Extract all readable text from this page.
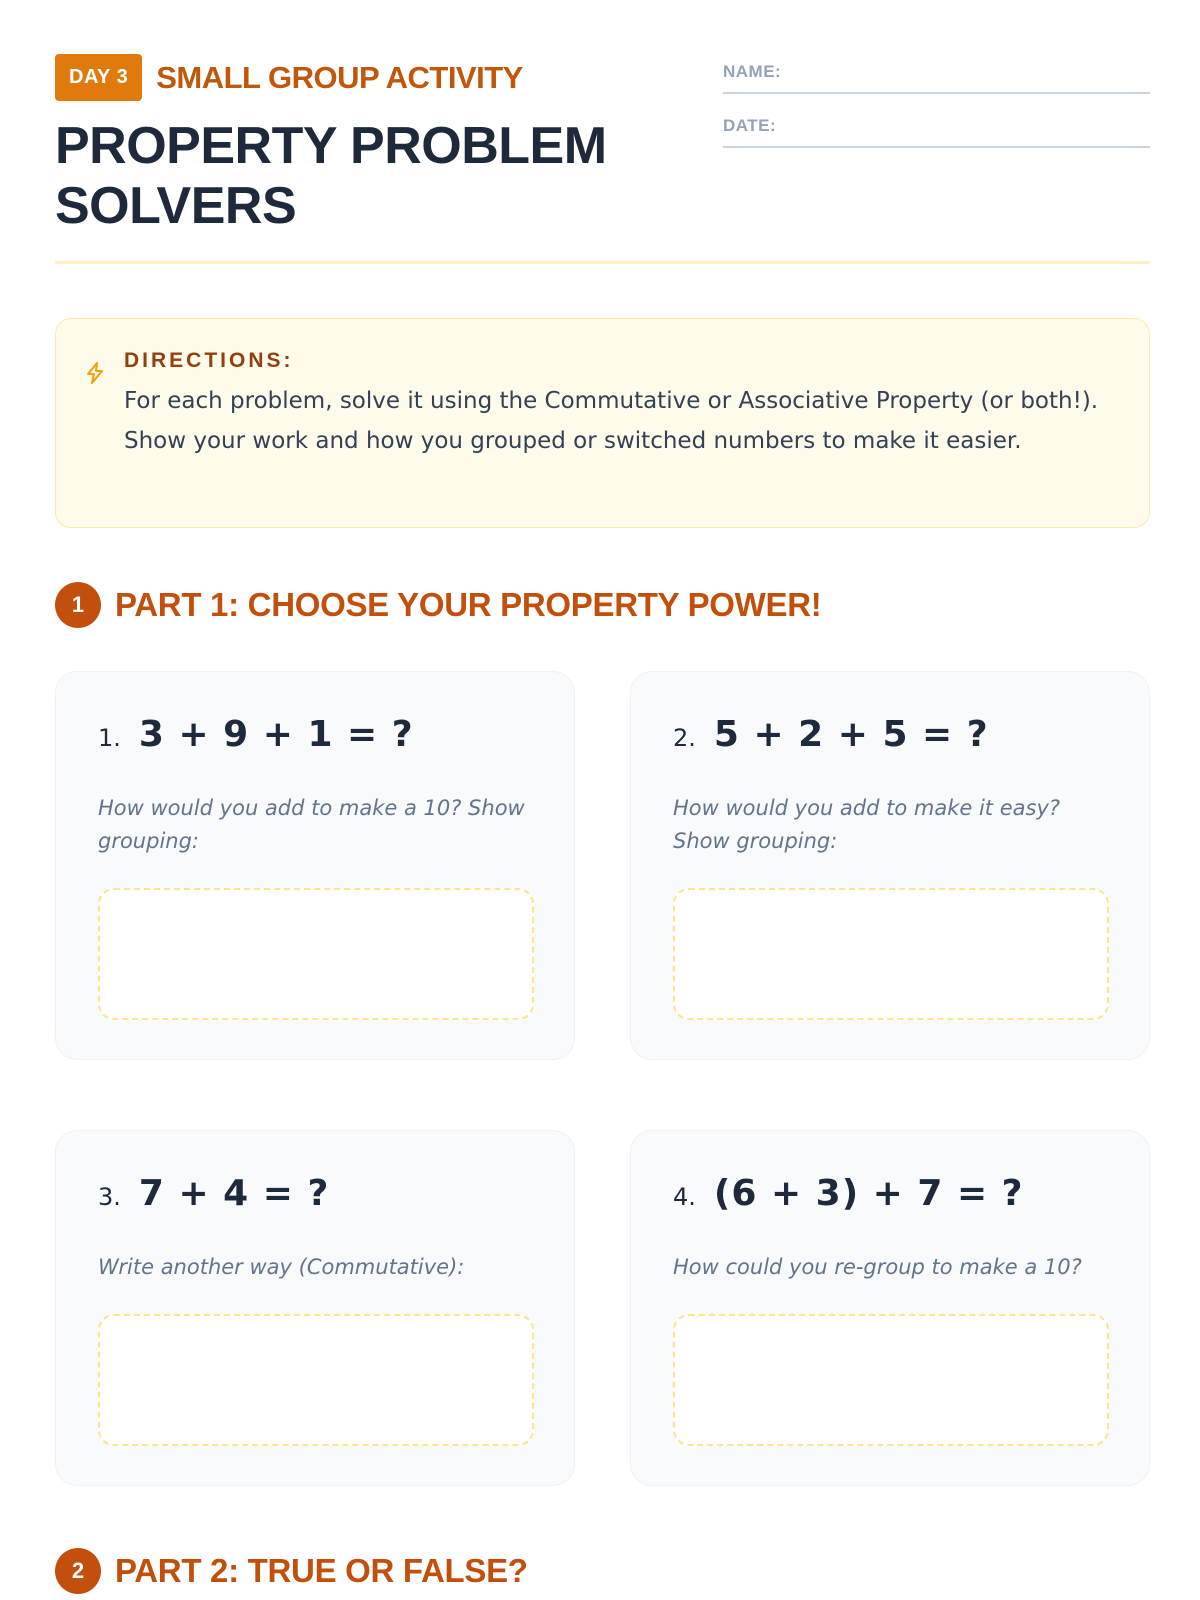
DAY 3 SMALL GROUP ACTIVITY
PROPERTY PROBLEM SOLVERS
NAME:
DATE:
DIRECTIONS:
For each problem, solve it using the Commutative or Associative Property (or both!). Show your work and how you grouped or switched numbers to make it easier.
1 PART 1: CHOOSE YOUR PROPERTY POWER!
1. 3 + 9 + 1 = ?
How would you add to make a 10? Show grouping:
2. 5 + 2 + 5 = ?
How would you add to make it easy? Show grouping:
3. 7 + 4 = ?
Write another way (Commutative):
4. (6 + 3) + 7 = ?
How could you re-group to make a 10?
2 PART 2: TRUE OR FALSE?
